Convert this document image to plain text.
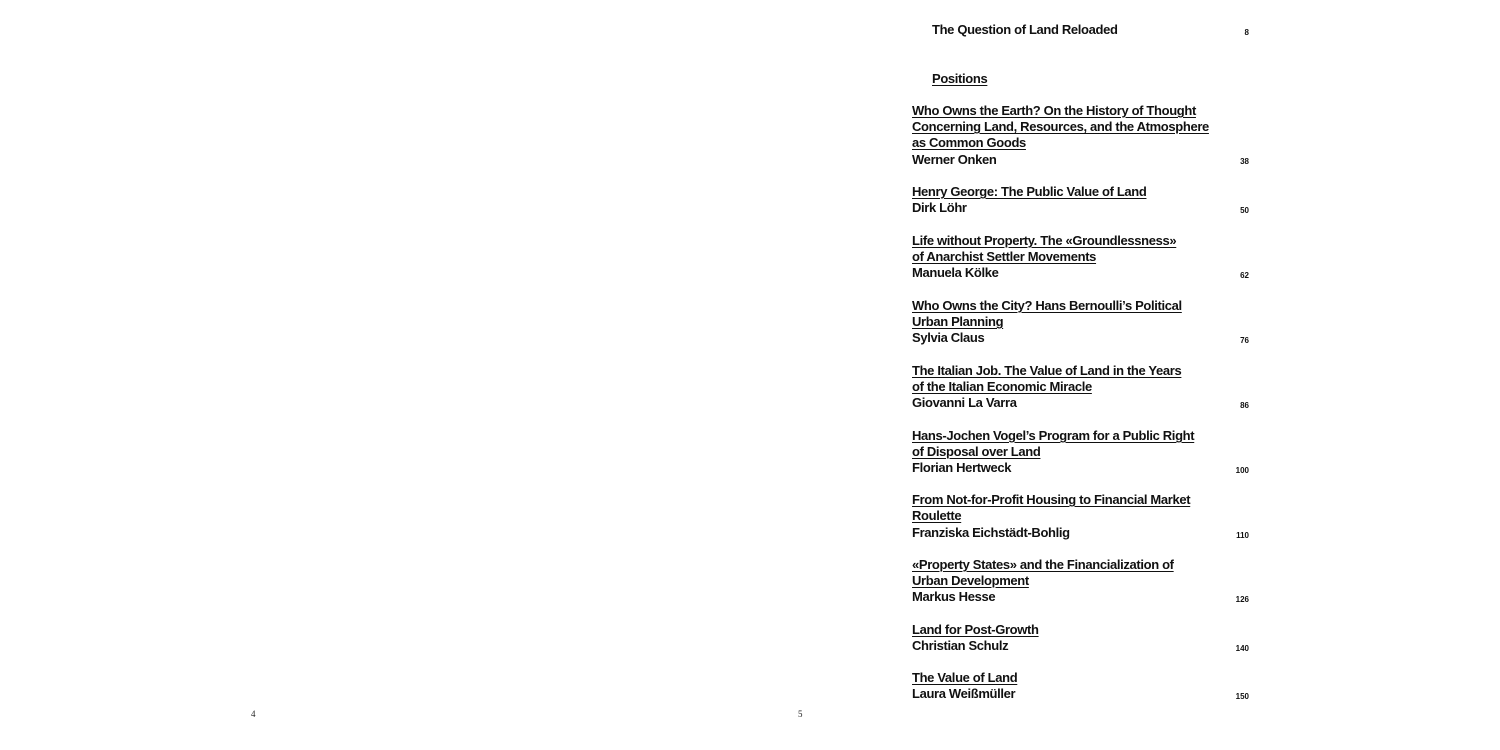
4	5
The Question of Land Reloaded	8
Positions
Who Owns the Earth? On the History of Thought
Concerning Land, Resources, and the Atmosphere
as Common Goods
Werner Onken	38
Henry George: The Public Value of Land
Dirk Löhr	50
Life without Property. The «Groundlessness»
of Anarchist Settler Movements
Manuela Kölke	62
Who Owns the City? Hans Bernoulli’s Political
Urban Planning
Sylvia Claus	76
The Italian Job. The Value of Land in the Years
of the Italian Economic Miracle
Giovanni La Varra	86
Hans-Jochen Vogel’s Program for a Public Right
of Disposal over Land
Florian Hertweck	100
From Not-for-Profit Housing to Financial Market
Roulette
Franziska Eichstädt-Bohlig	110
«Property States» and the Financialization of
Urban Development
Markus Hesse	126
Land for Post-Growth
Christian Schulz	140
The Value of Land
Laura Weißmüller	150
